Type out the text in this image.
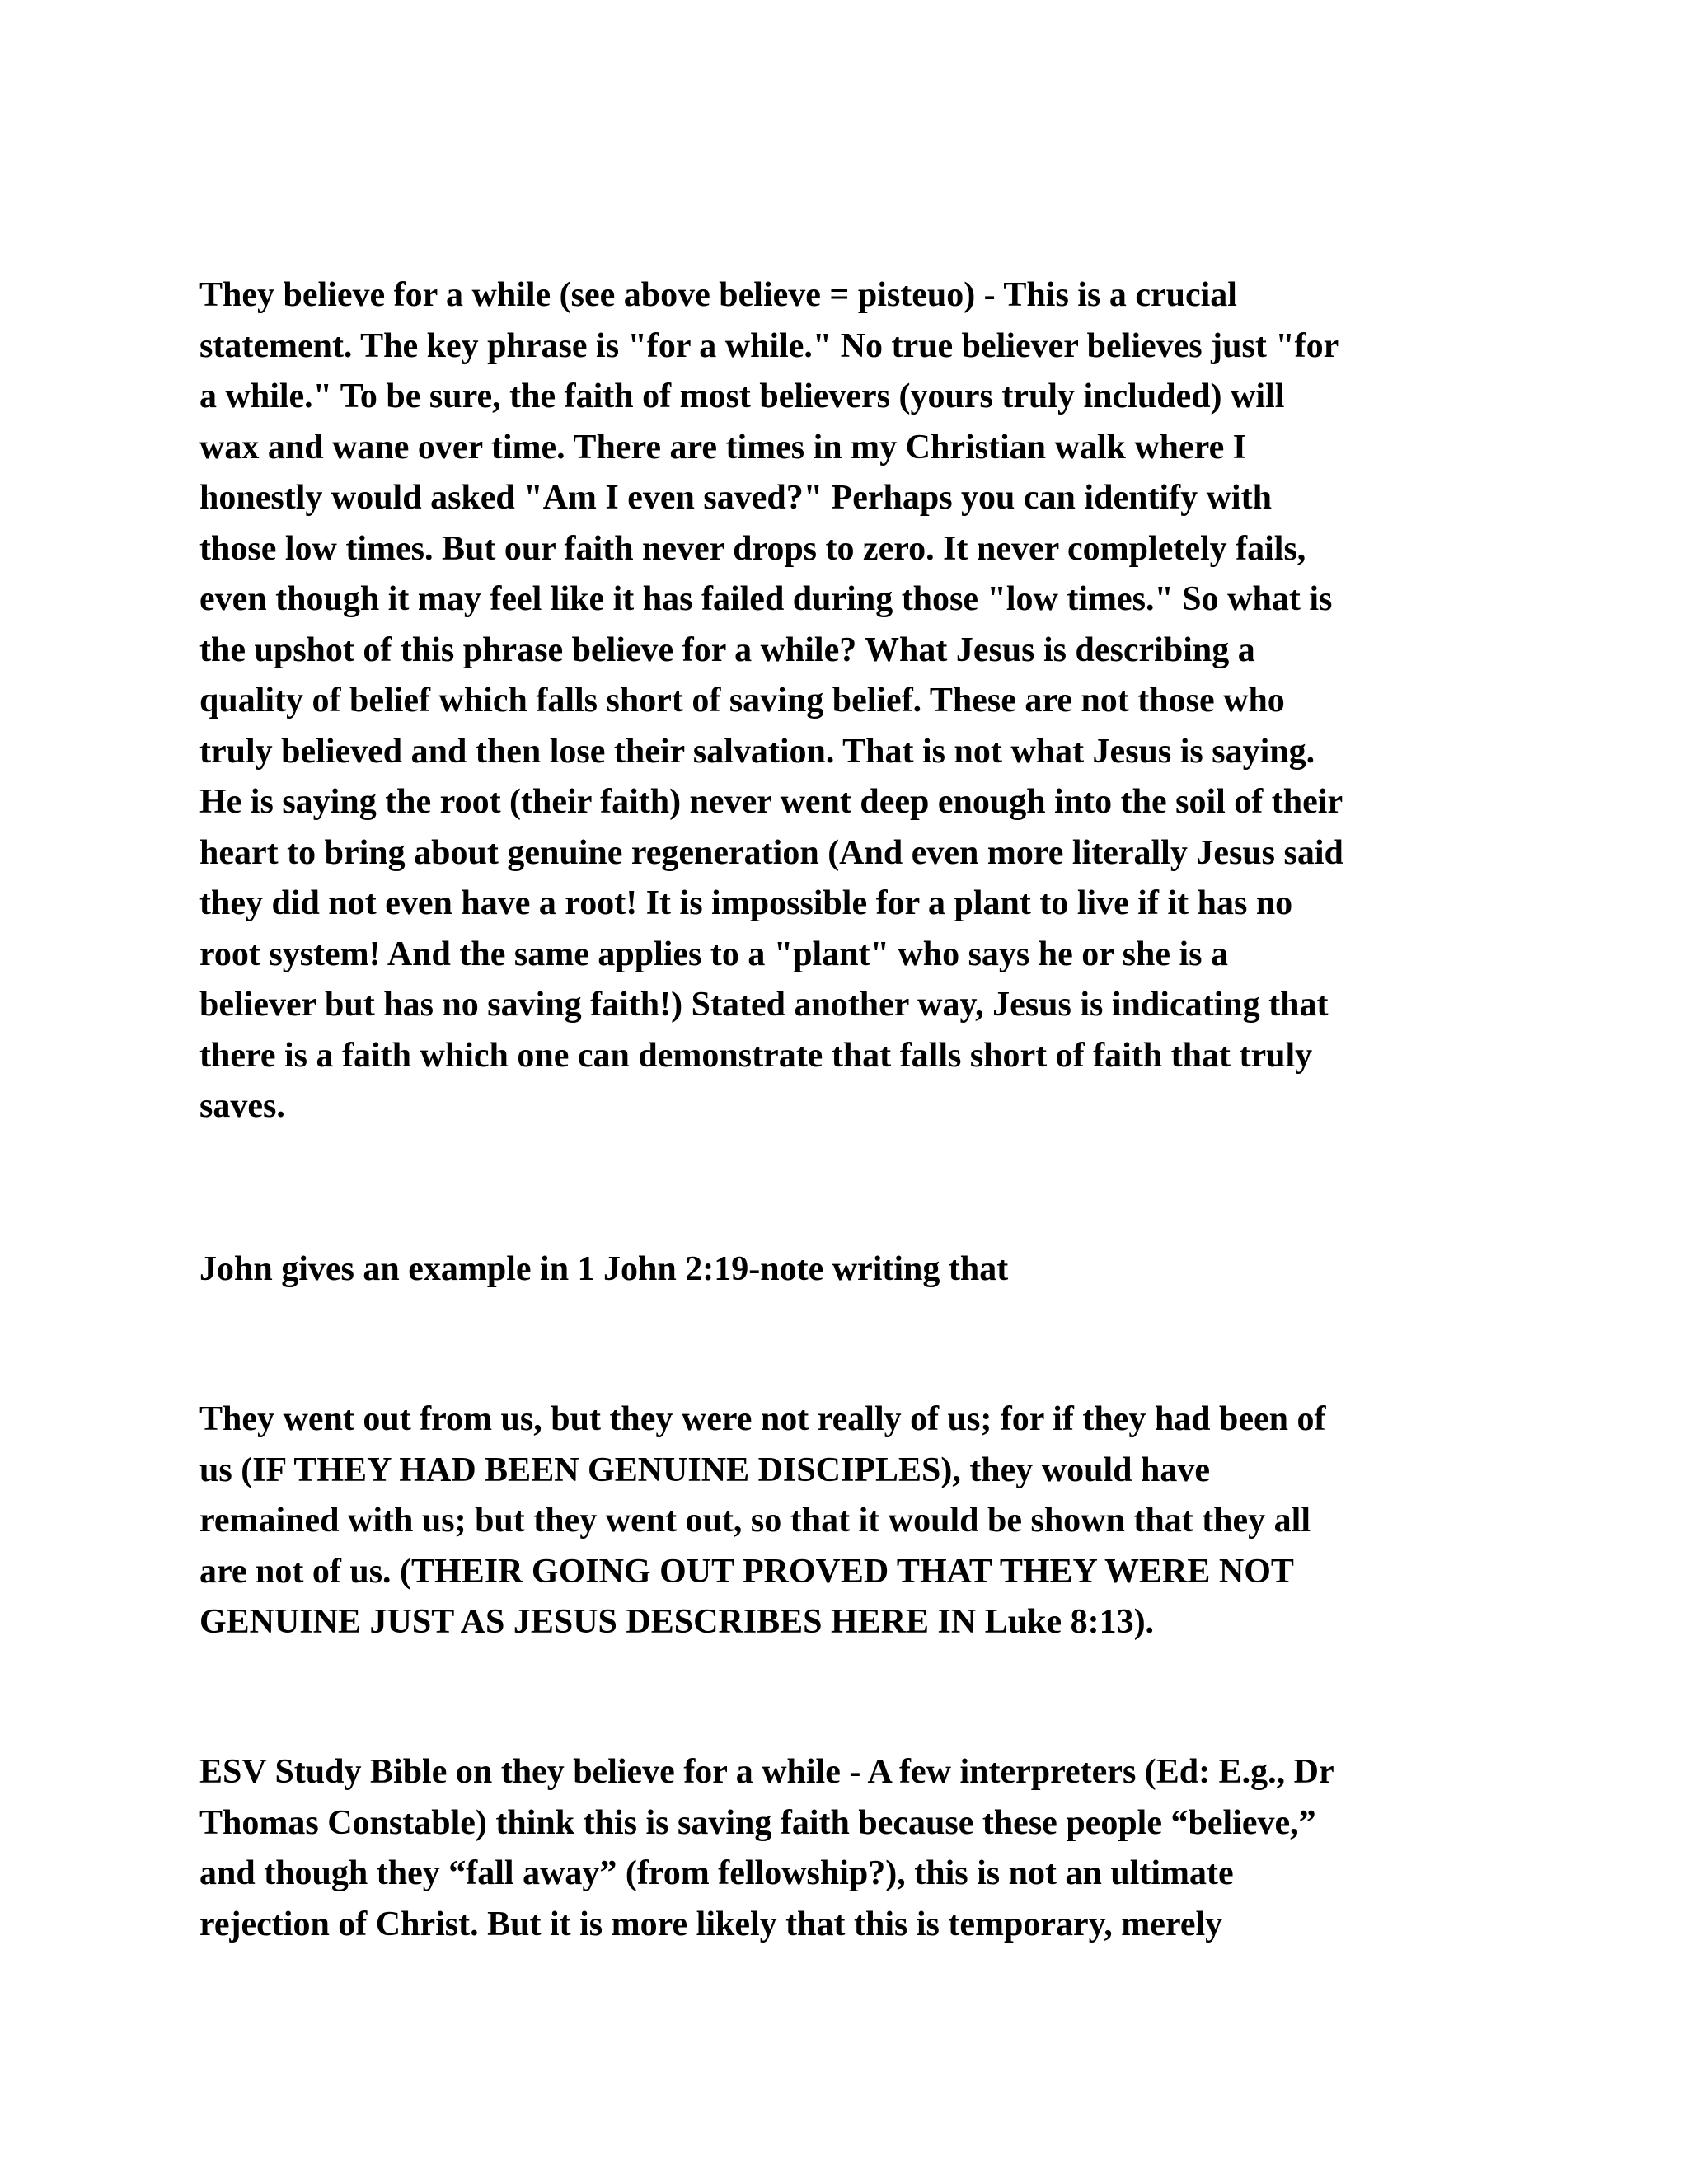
They believe for a while (see above believe = pisteuo) - This is a crucial
statement. The key phrase is "for a while." No true believer believes just "for
a while." To be sure, the faith of most believers (yours truly included) will
wax and wane over time. There are times in my Christian walk where I
honestly would asked "Am I even saved?" Perhaps you can identify with
those low times. But our faith never drops to zero. It never completely fails,
even though it may feel like it has failed during those "low times." So what is
the upshot of this phrase believe for a while? What Jesus is describing a
quality of belief which falls short of saving belief. These are not those who
truly believed and then lose their salvation. That is not what Jesus is saying.
He is saying the root (their faith) never went deep enough into the soil of their
heart to bring about genuine regeneration (And even more literally Jesus said
they did not even have a root! It is impossible for a plant to live if it has no
root system! And the same applies to a "plant" who says he or she is a
believer but has no saving faith!) Stated another way, Jesus is indicating that
there is a faith which one can demonstrate that falls short of faith that truly
saves.

John gives an example in 1 John 2:19-note writing that

They went out from us, but they were not really of us; for if they had been of
us (IF THEY HAD BEEN GENUINE DISCIPLES), they would have
remained with us; but they went out, so that it would be shown that they all
are not of us. (THEIR GOING OUT PROVED THAT THEY WERE NOT
GENUINE JUST AS JESUS DESCRIBES HERE IN Luke 8:13).

ESV Study Bible on they believe for a while - A few interpreters (Ed: E.g., Dr
Thomas Constable) think this is saving faith because these people “believe,”
and though they “fall away” (from fellowship?), this is not an ultimate
rejection of Christ. But it is more likely that this is temporary, merely
